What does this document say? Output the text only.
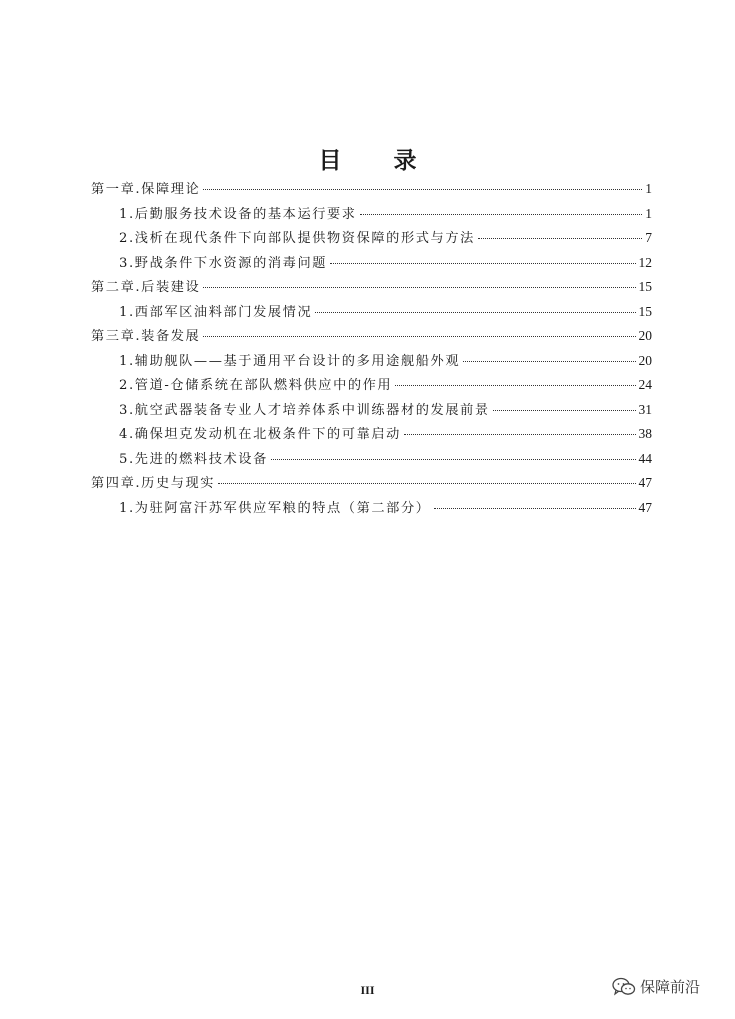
目 录
第一章.保障理论	1
1.后勤服务技术设备的基本运行要求	1
2.浅析在现代条件下向部队提供物资保障的形式与方法	7
3.野战条件下水资源的消毒问题	12
第二章.后装建设	15
1.西部军区油料部门发展情况	15
第三章.装备发展	20
1.辅助舰队——基于通用平台设计的多用途舰船外观	20
2.管道-仓储系统在部队燃料供应中的作用	24
3.航空武器装备专业人才培养体系中训练器材的发展前景	31
4.确保坦克发动机在北极条件下的可靠启动	38
5.先进的燃料技术设备	44
第四章.历史与现实	47
1.为驻阿富汗苏军供应军粮的特点（第二部分）	47
III	保障前沿
